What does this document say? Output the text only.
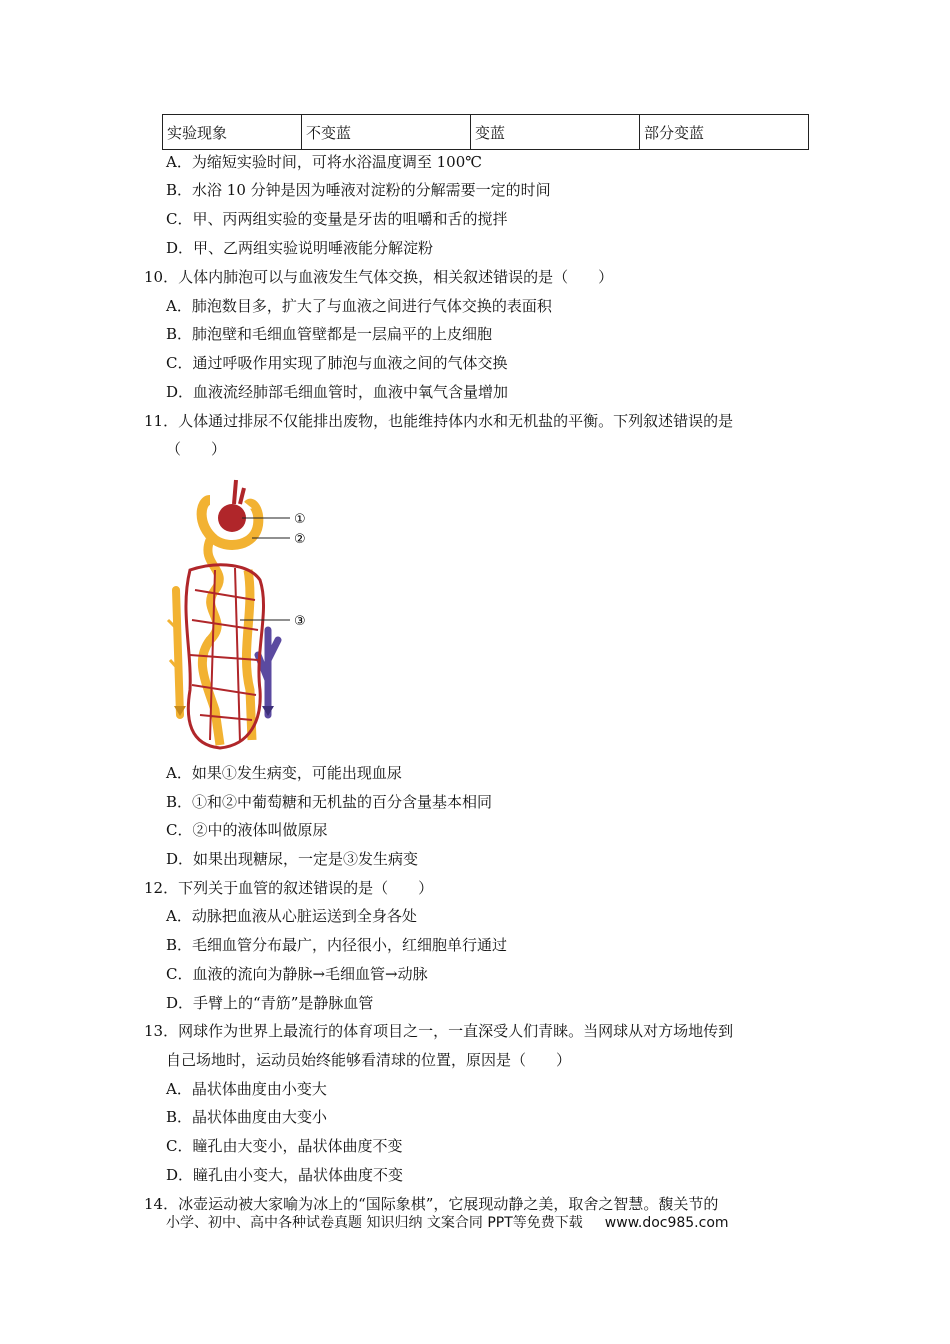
实验现象	不变蓝	变蓝	部分变蓝
A．为缩短实验时间，可将水浴温度调至 100℃
B．水浴 10 分钟是因为唾液对淀粉的分解需要一定的时间
C．甲、丙两组实验的变量是牙齿的咀嚼和舌的搅拌
D．甲、乙两组实验说明唾液能分解淀粉
10．人体内肺泡可以与血液发生气体交换，相关叙述错误的是（　　）
A．肺泡数目多，扩大了与血液之间进行气体交换的表面积
B．肺泡壁和毛细血管壁都是一层扁平的上皮细胞
C．通过呼吸作用实现了肺泡与血液之间的气体交换
D．血液流经肺部毛细血管时，血液中氧气含量增加
11．人体通过排尿不仅能排出废物，也能维持体内水和无机盐的平衡。下列叙述错误的是
（　　）
①
②
③
A．如果①发生病变，可能出现血尿
B．①和②中葡萄糖和无机盐的百分含量基本相同
C．②中的液体叫做原尿
D．如果出现糖尿，一定是③发生病变
12．下列关于血管的叙述错误的是（　　）
A．动脉把血液从心脏运送到全身各处
B．毛细血管分布最广，内径很小，红细胞单行通过
C．血液的流向为静脉→毛细血管→动脉
D．手臂上的“青筋”是静脉血管
13．网球作为世界上最流行的体育项目之一，一直深受人们青睐。当网球从对方场地传到
自己场地时，运动员始终能够看清球的位置，原因是（　　）
A．晶状体曲度由小变大
B．晶状体曲度由大变小
C．瞳孔由大变小，晶状体曲度不变
D．瞳孔由小变大，晶状体曲度不变
14．冰壶运动被大家喻为冰上的“国际象棋”，它展现动静之美，取舍之智慧。馥关节的
小学、初中、高中各种试卷真题 知识归纳 文案合同 PPT等免费下载 www.doc985.com
